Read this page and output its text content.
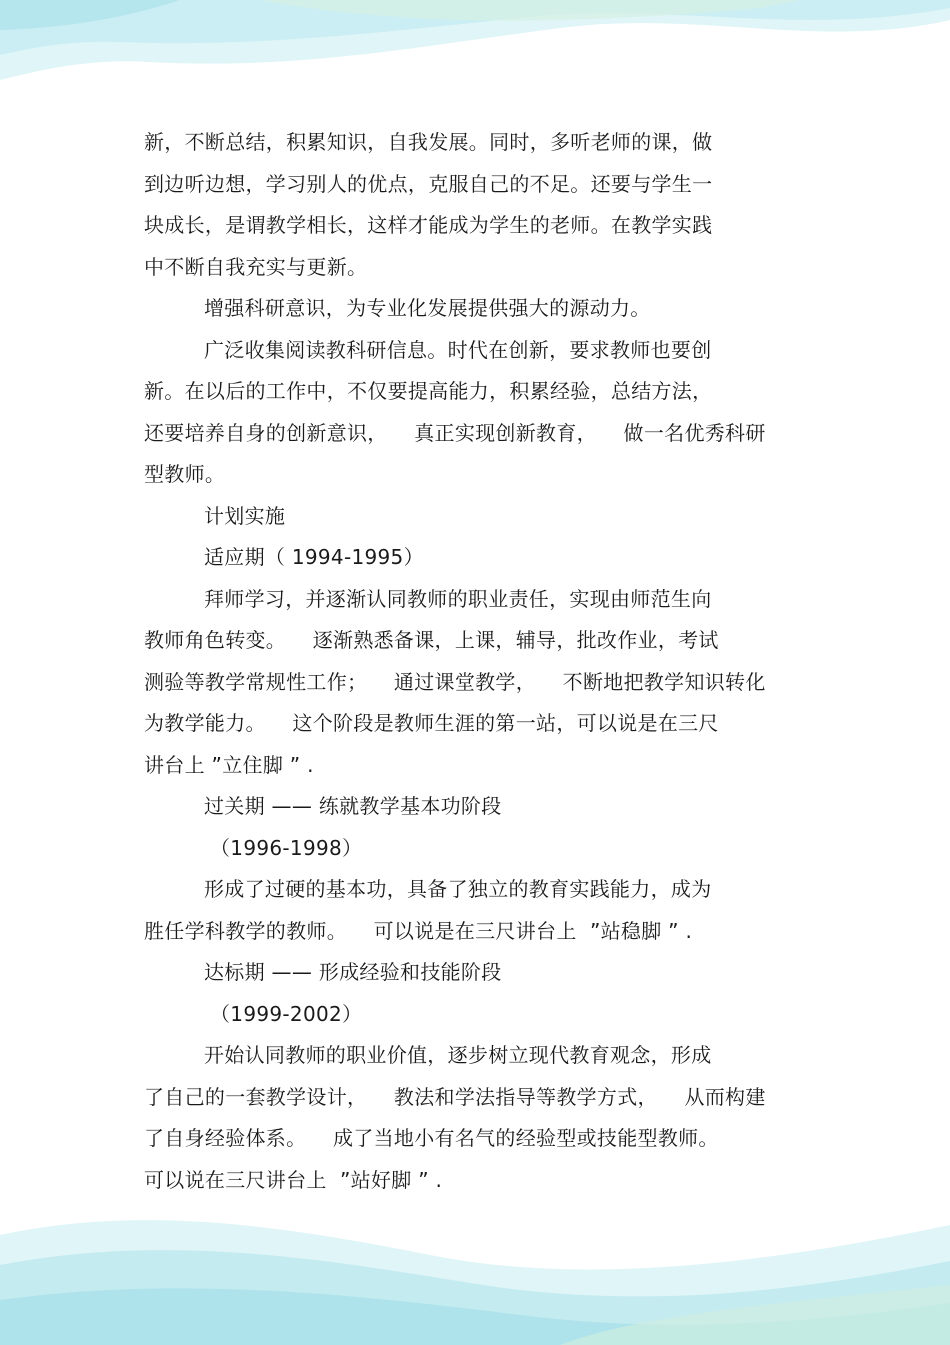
新，不断总结，积累知识，自我发展。同时，多听老师的课，做
到边听边想，学习别人的优点，克服自己的不足。还要与学生一
块成长，是谓教学相长，这样才能成为学生的老师。在教学实践
中不断自我充实与更新。
增强科研意识，为专业化发展提供强大的源动力。
广泛收集阅读教科研信息。时代在创新，要求教师也要创
新。在以后的工作中，不仅要提高能力，积累经验，总结方法，
还要培养自身的创新意识，    真正实现创新教育，    做一名优秀科研
型教师。
计划实施
适应期（ 1994-1995）
拜师学习，并逐渐认同教师的职业责任，实现由师范生向
教师角色转变。    逐渐熟悉备课，上课，辅导，批改作业，考试
测验等教学常规性工作；    通过课堂教学，    不断地把教学知识转化
为教学能力。    这个阶段是教师生涯的第一站，可以说是在三尺
讲台上 ”立住脚 ” .
过关期 —— 练就教学基本功阶段
（1996-1998）
形成了过硬的基本功，具备了独立的教育实践能力，成为
胜任学科教学的教师。    可以说是在三尺讲台上  ”站稳脚 ” .
达标期 —— 形成经验和技能阶段
（1999-2002）
开始认同教师的职业价值，逐步树立现代教育观念，形成
了自己的一套教学设计，    教法和学法指导等教学方式，    从而构建
了自身经验体系。    成了当地小有名气的经验型或技能型教师。
可以说在三尺讲台上  ”站好脚 ” .
